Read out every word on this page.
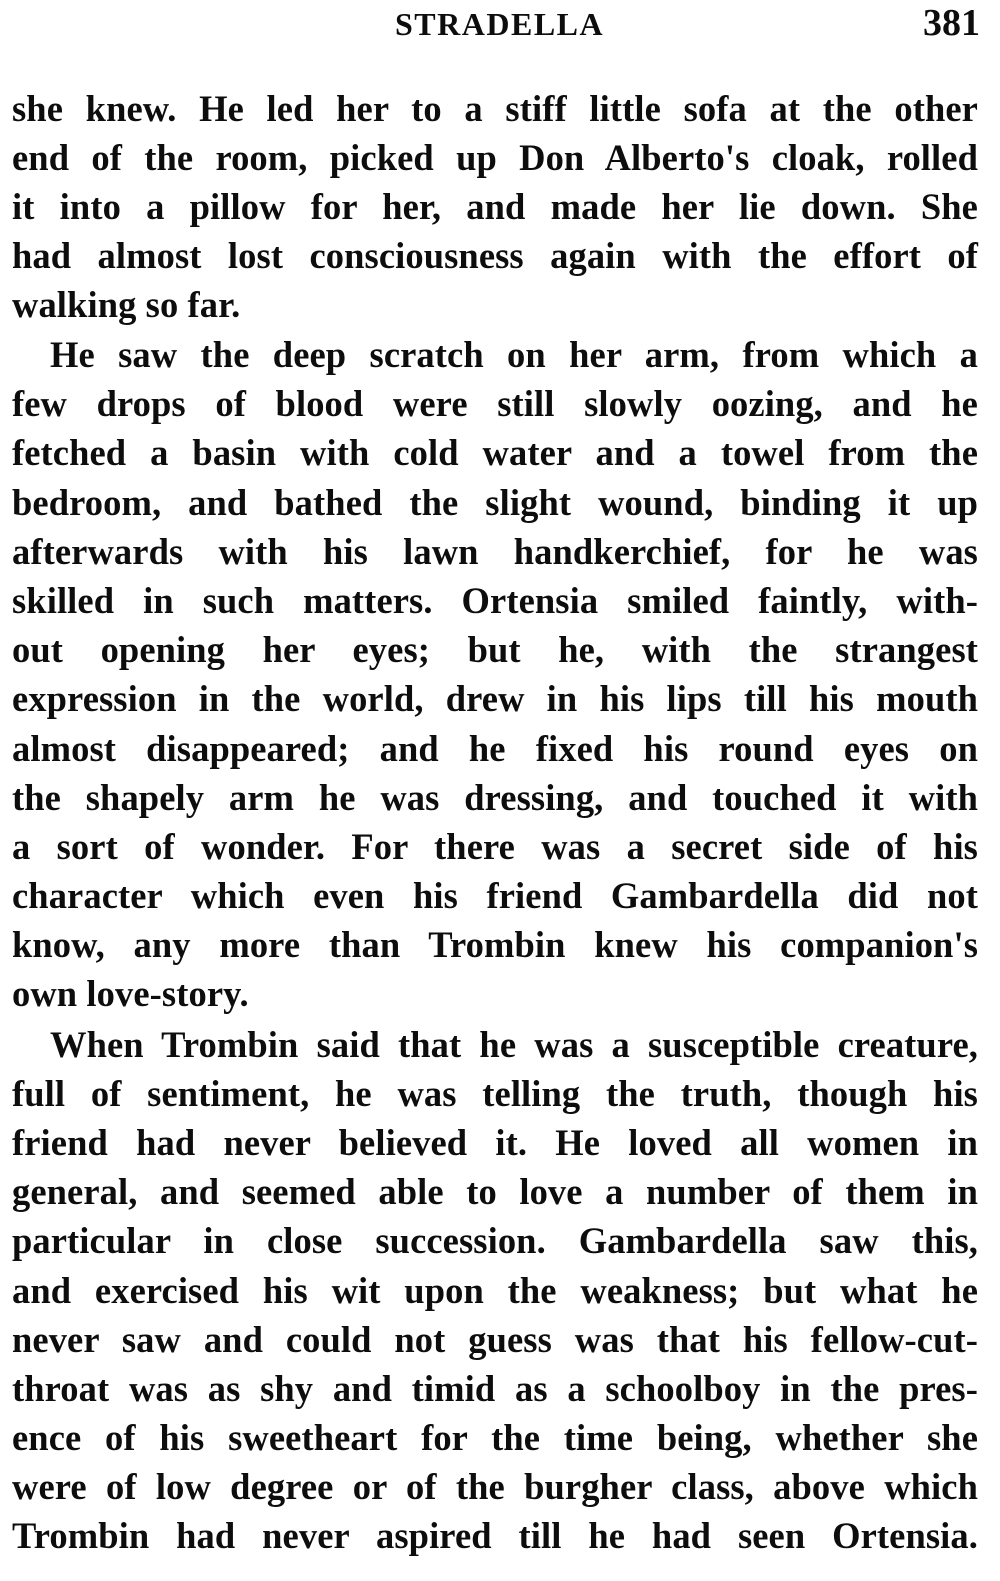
STRADELLA	381
she knew. He led her to a stiff little sofa at the other
end of the room, picked up Don Alberto's cloak, rolled
it into a pillow for her, and made her lie down. She
had almost lost consciousness again with the effort of
walking so far.
He saw the deep scratch on her arm, from which a
few drops of blood were still slowly oozing, and he
fetched a basin with cold water and a towel from the
bedroom, and bathed the slight wound, binding it up
afterwards with his lawn handkerchief, for he was
skilled in such matters. Ortensia smiled faintly, with-
out opening her eyes; but he, with the strangest
expression in the world, drew in his lips till his mouth
almost disappeared; and he fixed his round eyes on
the shapely arm he was dressing, and touched it with
a sort of wonder. For there was a secret side of his
character which even his friend Gambardella did not
know, any more than Trombin knew his companion's
own love-story.
When Trombin said that he was a susceptible creature,
full of sentiment, he was telling the truth, though his
friend had never believed it. He loved all women in
general, and seemed able to love a number of them in
particular in close succession. Gambardella saw this,
and exercised his wit upon the weakness; but what he
never saw and could not guess was that his fellow-cut-
throat was as shy and timid as a schoolboy in the pres-
ence of his sweetheart for the time being, whether she
were of low degree or of the burgher class, above which
Trombin had never aspired till he had seen Ortensia.
